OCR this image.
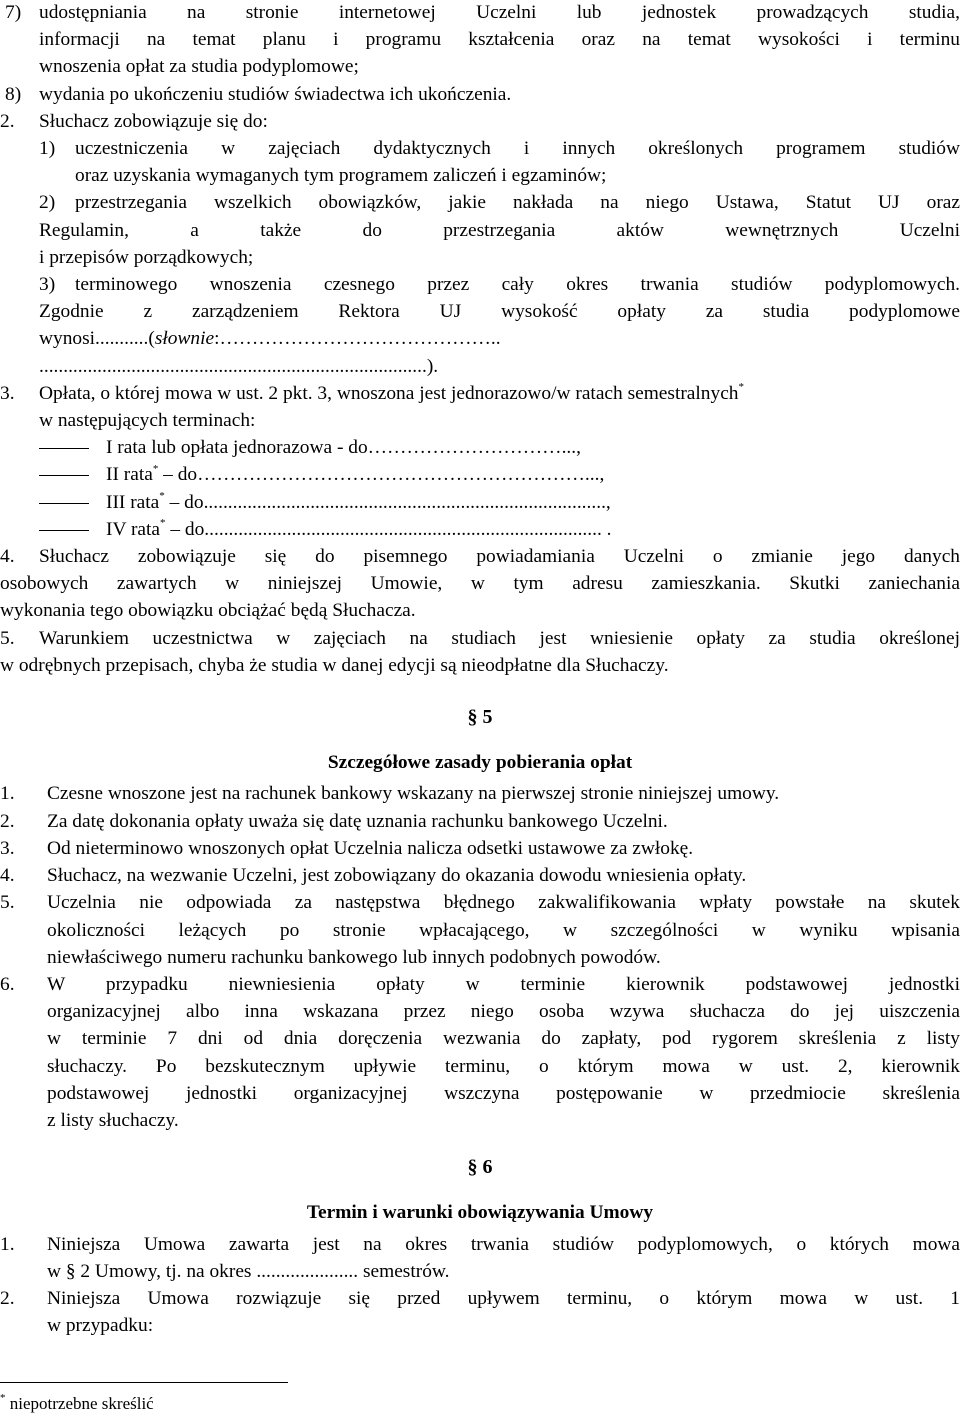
7) udostępniania na stronie internetowej Uczelni lub jednostek prowadzących studia,
informacji na temat planu i programu kształcenia oraz na temat wysokości i terminu
wnoszenia opłat za studia podyplomowe;
8) wydania po ukończeniu studiów świadectwa ich ukończenia.
2. Słuchacz zobowiązuje się do:
1) uczestniczenia w zajęciach dydaktycznych i innych określonych programem studiów
oraz uzyskania wymaganych tym programem zaliczeń i egzaminów;
2) przestrzegania wszelkich obowiązków, jakie nakłada na niego Ustawa, Statut UJ oraz
Regulamin, a także do przestrzegania aktów wewnętrznych Uczelni
i przepisów porządkowych;
3) terminowego wnoszenia czesnego przez cały okres trwania studiów podyplomowych.
Zgodnie z zarządzeniem Rektora UJ wysokość opłaty za studia podyplomowe
wynosi...........(słownie:……………………………………..
................................................................................).
3. Opłata, o której mowa w ust. 2 pkt. 3, wnoszona jest jednorazowo/w ratach semestralnych*
w następujących terminach:
I rata lub opłata jednorazowa - do…………………………...,
II rata* – do……………………………………………………...,
III rata* – do...................................................................................,
IV rata* – do.................................................................................. .
4. Słuchacz zobowiązuje się do pisemnego powiadamiania Uczelni o zmianie jego danych
osobowych zawartych w niniejszej Umowie, w tym adresu zamieszkania. Skutki zaniechania
wykonania tego obowiązku obciążać będą Słuchacza.
5. Warunkiem uczestnictwa w zajęciach na studiach jest wniesienie opłaty za studia określonej
w odrębnych przepisach, chyba że studia w danej edycji są nieodpłatne dla Słuchaczy.
§ 5
Szczegółowe zasady pobierania opłat
1. Czesne wnoszone jest na rachunek bankowy wskazany na pierwszej stronie niniejszej umowy.
2. Za datę dokonania opłaty uważa się datę uznania rachunku bankowego Uczelni.
3. Od nieterminowo wnoszonych opłat Uczelnia nalicza odsetki ustawowe za zwłokę.
4. Słuchacz, na wezwanie Uczelni, jest zobowiązany do okazania dowodu wniesienia opłaty.
5. Uczelnia nie odpowiada za następstwa błędnego zakwalifikowania wpłaty powstałe na skutek
okoliczności leżących po stronie wpłacającego, w szczególności w wyniku wpisania
niewłaściwego numeru rachunku bankowego lub innych podobnych powodów.
6. W przypadku niewniesienia opłaty w terminie kierownik podstawowej jednostki
organizacyjnej albo inna wskazana przez niego osoba wzywa słuchacza do jej uiszczenia
w terminie 7 dni od dnia doręczenia wezwania do zapłaty, pod rygorem skreślenia z listy
słuchaczy. Po bezskutecznym upływie terminu, o którym mowa w ust. 2, kierownik
podstawowej jednostki organizacyjnej wszczyna postępowanie w przedmiocie skreślenia
z listy słuchaczy.
§ 6
Termin i warunki obowiązywania Umowy
1. Niniejsza Umowa zawarta jest na okres trwania studiów podyplomowych, o których mowa
w § 2 Umowy, tj. na okres ..................... semestrów.
2. Niniejsza Umowa rozwiązuje się przed upływem terminu, o którym mowa w ust. 1
w przypadku:
* niepotrzebne skreślić
